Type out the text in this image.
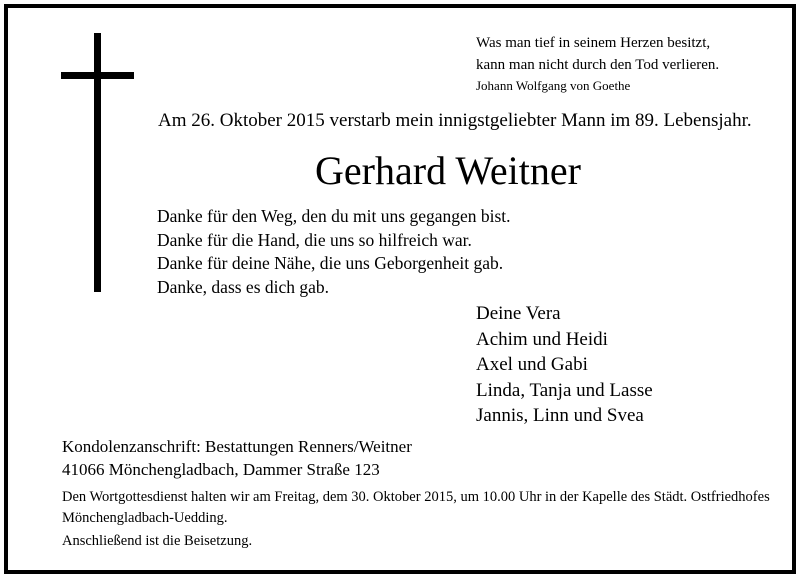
Was man tief in seinem Herzen besitzt,
kann man nicht durch den Tod verlieren.
Johann Wolfgang von Goethe
Am 26. Oktober 2015 verstarb mein innigstgeliebter Mann im 89. Lebensjahr.
Gerhard Weitner
Danke für den Weg, den du mit uns gegangen bist.
Danke für die Hand, die uns so hilfreich war.
Danke für deine Nähe, die uns Geborgenheit gab.
Danke, dass es dich gab.
Deine Vera
Achim und Heidi
Axel und Gabi
Linda, Tanja und Lasse
Jannis, Linn und Svea
Kondolenzanschrift: Bestattungen Renners/Weitner
41066 Mönchengladbach, Dammer Straße 123
Den Wortgottesdienst halten wir am Freitag, dem 30. Oktober 2015, um 10.00 Uhr in der Kapelle des Städt. Ostfriedhofes Mönchengladbach-Uedding.
Anschließend ist die Beisetzung.
